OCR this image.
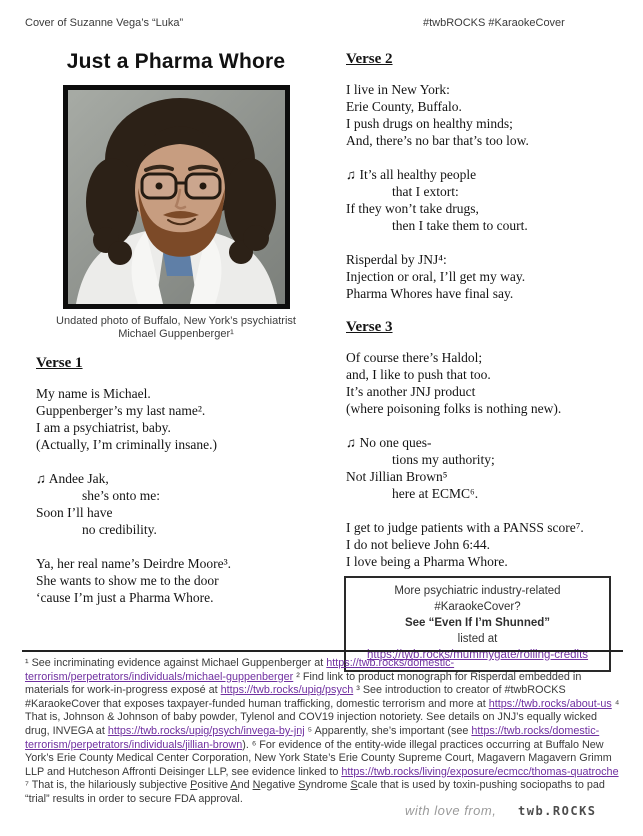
Cover of Suzanne Vega’s “Luka”	#twbROCKS #KaraokeCover
Just a Pharma Whore
Undated photo of Buffalo, New York’s psychiatrist
Michael Guppenberger¹
Verse 1
My name is Michael.
Guppenberger’s my last name².
I am a psychiatrist, baby.
(Actually, I’m criminally insane.)
♫ Andee Jak,
she’s onto me:
Soon I’ll have
no credibility.
Ya, her real name’s Deirdre Moore³.
She wants to show me to the door
‘cause I’m just a Pharma Whore.
Verse 2
I live in New York:
Erie County, Buffalo.
I push drugs on healthy minds;
And, there’s no bar that’s too low.
♫ It’s all healthy people
that I extort:
If they won’t take drugs,
then I take them to court.
Risperdal by JNJ⁴:
Injection or oral, I’ll get my way.
Pharma Whores have final say.
Verse 3
Of course there’s Haldol;
and, I like to push that too.
It’s another JNJ product
(where poisoning folks is nothing new).
♫ No one ques-
tions my authority;
Not Jillian Brown⁵
here at ECMC⁶.
I get to judge patients with a PANSS score⁷.
I do not believe John 6:44.
I love being a Pharma Whore.
More psychiatric industry-related #KaraokeCover?
See “Even If I’m Shunned”
listed at
https://twb.rocks/mummygate/rolling-credits
¹ See incriminating evidence against Michael Guppenberger at https://twb.rocks/domestic-terrorism/perpetrators/individuals/michael-guppenberger ² Find link to product monograph for Risperdal embedded in materials for work-in-progress exposé at https://twb.rocks/upig/psych ³ See introduction to creator of #twbROCKS #KaraokeCover that exposes taxpayer-funded human trafficking, domestic terrorism and more at https://twb.rocks/about-us ⁴ That is, Johnson & Johnson of baby powder, Tylenol and COV19 injection notoriety. See details on JNJ’s equally wicked drug, INVEGA at https://twb.rocks/upig/psych/invega-by-jnj ⁵ Apparently, she’s important (see https://twb.rocks/domestic-terrorism/perpetrators/individuals/jillian-brown). ⁶ For evidence of the entity-wide illegal practices occurring at Buffalo New York’s Erie County Medical Center Corporation, New York State’s Erie County Supreme Court, Magavern Magavern Grimm LLP and Hutcheson Affronti Deisinger LLP, see evidence linked to https://twb.rocks/living/exposure/ecmcc/thomas-quatroche ⁷ That is, the hilariously subjective Positive And Negative Syndrome Scale that is used by toxin-pushing sociopaths to pad “trial” results in order to secure FDA approval.
with love from, twb.ROCKS
